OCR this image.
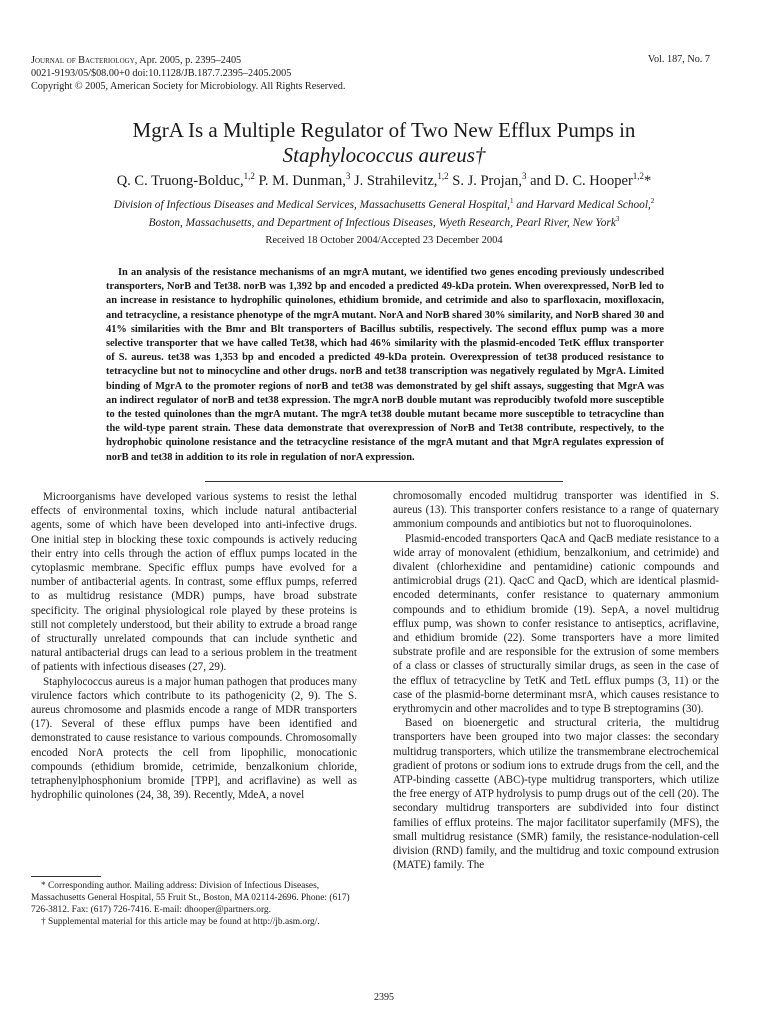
Journal of Bacteriology, Apr. 2005, p. 2395–2405
0021-9193/05/$08.00+0 doi:10.1128/JB.187.7.2395–2405.2005
Copyright © 2005, American Society for Microbiology. All Rights Reserved.
Vol. 187, No. 7
MgrA Is a Multiple Regulator of Two New Efflux Pumps in
Staphylococcus aureus†
Q. C. Truong-Bolduc,$^{1,2}$ P. M. Dunman,$^3$ J. Strahilevitz,$^{1,2}$ S. J. Projan,$^3$ and D. C. Hooper$^{1,2}$*
Division of Infectious Diseases and Medical Services, Massachusetts General Hospital,$^1$ and Harvard Medical School,$^2$
Boston, Massachusetts, and Department of Infectious Diseases, Wyeth Research, Pearl River, New York$^3$
Received 18 October 2004/Accepted 23 December 2004

In an analysis of the resistance mechanisms of an mgrA mutant, we identified two genes encoding previously undescribed transporters, NorB and Tet38. norB was 1,392 bp and encoded a predicted 49-kDa protein. When overexpressed, NorB led to an increase in resistance to hydrophilic quinolones, ethidium bromide, and cetrimide and also to sparfloxacin, moxifloxacin, and tetracycline, a resistance phenotype of the mgrA mutant. NorA and NorB shared 30% similarity, and NorB shared 30 and 41% similarities with the Bmr and Blt transporters of Bacillus subtilis, respectively. The second efflux pump was a more selective transporter that we have called Tet38, which had 46% similarity with the plasmid-encoded TetK efflux transporter of S. aureus. tet38 was 1,353 bp and encoded a predicted 49-kDa protein. Overexpression of tet38 produced resistance to tetracycline but not to minocycline and other drugs. norB and tet38 transcription was negatively regulated by MgrA. Limited binding of MgrA to the promoter regions of norB and tet38 was demonstrated by gel shift assays, suggesting that MgrA was an indirect regulator of norB and tet38 expression. The mgrA norB double mutant was reproducibly twofold more susceptible to the tested quinolones than the mgrA mutant. The mgrA tet38 double mutant became more susceptible to tetracycline than the wild-type parent strain. These data demonstrate that overexpression of NorB and Tet38 contribute, respectively, to the hydrophobic quinolone resistance and the tetracycline resistance of the mgrA mutant and that MgrA regulates expression of norB and tet38 in addition to its role in regulation of norA expression.

Microorganisms have developed various systems to resist the lethal effects of environmental toxins, which include natural antibacterial agents, some of which have been developed into anti-infective drugs. One initial step in blocking these toxic compounds is actively reducing their entry into cells through the action of efflux pumps located in the cytoplasmic membrane. Specific efflux pumps have evolved for a number of antibacterial agents. In contrast, some efflux pumps, referred to as multidrug resistance (MDR) pumps, have broad substrate specificity. The original physiological role played by these proteins is still not completely understood, but their ability to extrude a broad range of structurally unrelated compounds that can include synthetic and natural antibacterial drugs can lead to a serious problem in the treatment of patients with infectious diseases (27, 29).

Staphylococcus aureus is a major human pathogen that produces many virulence factors which contribute to its pathogenicity (2, 9). The S. aureus chromosome and plasmids encode a range of MDR transporters (17). Several of these efflux pumps have been identified and demonstrated to cause resistance to various compounds. Chromosomally encoded NorA protects the cell from lipophilic, monocationic compounds (ethidium bromide, cetrimide, benzalkonium chloride, tetraphenylphosphonium bromide [TPP], and acriflavine) as well as hydrophilic quinolones (24, 38, 39). Recently, MdeA, a novel

chromosomally encoded multidrug transporter was identified in S. aureus (13). This transporter confers resistance to a range of quaternary ammonium compounds and antibiotics but not to fluoroquinolones.

Plasmid-encoded transporters QacA and QacB mediate resistance to a wide array of monovalent (ethidium, benzalkonium, and cetrimide) and divalent (chlorhexidine and pentamidine) cationic compounds and antimicrobial drugs (21). QacC and QacD, which are identical plasmid-encoded determinants, confer resistance to quaternary ammonium compounds and to ethidium bromide (19). SepA, a novel multidrug efflux pump, was shown to confer resistance to antiseptics, acriflavine, and ethidium bromide (22). Some transporters have a more limited substrate profile and are responsible for the extrusion of some members of a class or classes of structurally similar drugs, as seen in the case of the efflux of tetracycline by TetK and TetL efflux pumps (3, 11) or the case of the plasmid-borne determinant msrA, which causes resistance to erythromycin and other macrolides and to type B streptogramins (30).

Based on bioenergetic and structural criteria, the multidrug transporters have been grouped into two major classes: the secondary multidrug transporters, which utilize the transmembrane electrochemical gradient of protons or sodium ions to extrude drugs from the cell, and the ATP-binding cassette (ABC)-type multidrug transporters, which utilize the free energy of ATP hydrolysis to pump drugs out of the cell (20). The secondary multidrug transporters are subdivided into four distinct families of efflux proteins. The major facilitator superfamily (MFS), the small multidrug resistance (SMR) family, the resistance-nodulation-cell division (RND) family, and the multidrug and toxic compound extrusion (MATE) family. The

* Corresponding author. Mailing address: Division of Infectious Diseases, Massachusetts General Hospital, 55 Fruit St., Boston, MA 02114-2696. Phone: (617) 726-3812. Fax: (617) 726-7416. E-mail: dhooper@partners.org.

† Supplemental material for this article may be found at http://jb.asm.org/.

2395
